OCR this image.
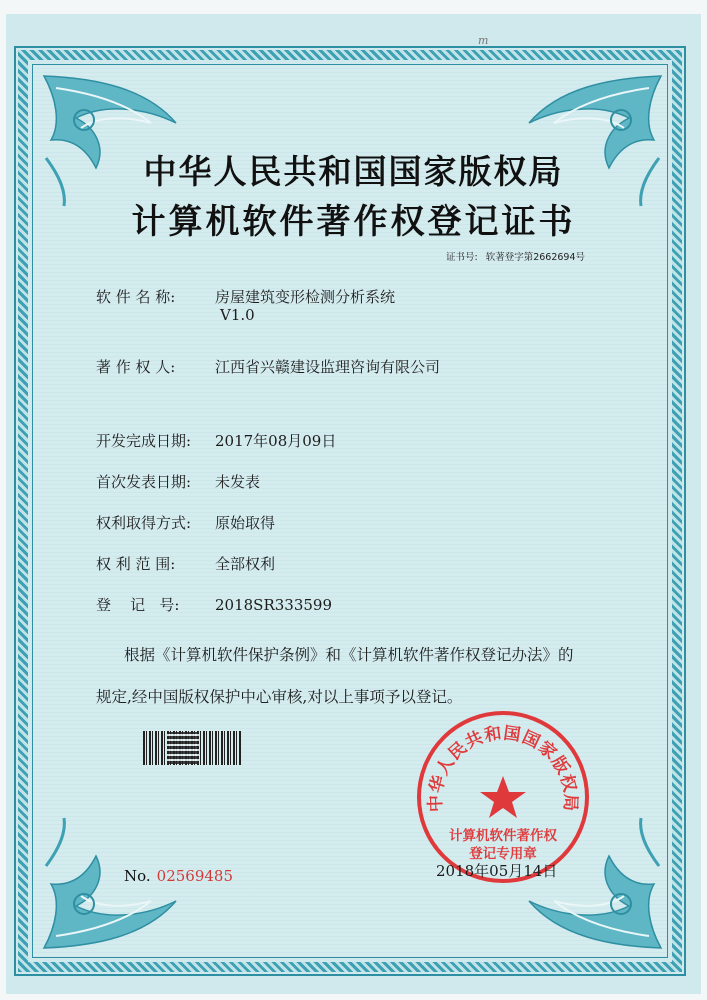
m
中华人民共和国国家版权局
计算机软件著作权登记证书
证书号: 软著登字第2662694号
软 件 名 称:	房屋建筑变形检测分析系统
V1.0
著 作 权 人:	江西省兴赣建设监理咨询有限公司
开发完成日期: 2017年08月09日
首次发表日期: 未发表
权利取得方式: 原始取得
权 利 范 围:	全部权利
登    记   号: 2018SR333599
根据《计算机软件保护条例》和《计算机软件著作权登记办法》的
规定,经中国版权保护中心审核,对以上事项予以登记。
中华人民共和国国家版权局
计算机软件著作权
登记专用章
No. 02569485	2018年05月14日
